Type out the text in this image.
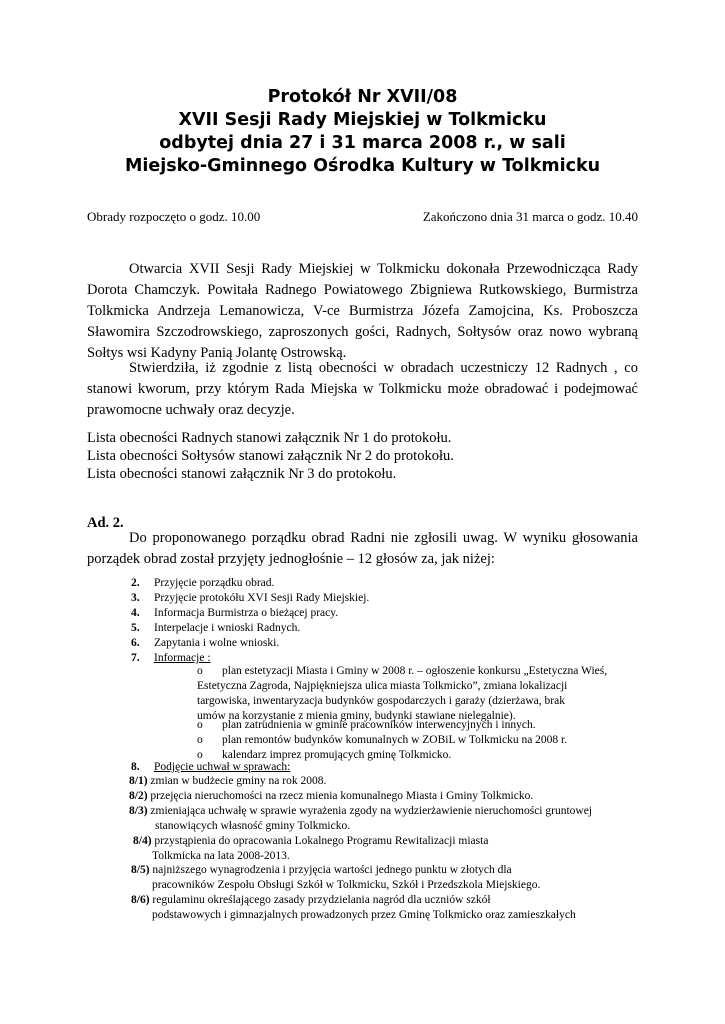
Protokół Nr XVII/08
XVII Sesji Rady Miejskiej w Tolkmicku
odbytej dnia 27 i 31 marca 2008 r., w sali
Miejsko-Gminnego Ośrodka Kultury w Tolkmicku
Obrady rozpoczęto o godz. 10.00	Zakończono dnia 31 marca o godz. 10.40
Otwarcia XVII Sesji Rady Miejskiej w Tolkmicku dokonała Przewodnicząca Rady
Dorota Chamczyk. Powitała Radnego Powiatowego Zbigniewa Rutkowskiego, Burmistrza
Tolkmicka Andrzeja Lemanowicza, V-ce Burmistrza Józefa Zamojcina, Ks. Proboszcza
Sławomira Szczodrowskiego, zaproszonych gości, Radnych, Sołtysów oraz nowo wybraną
Sołtys wsi Kadyny Panią Jolantę Ostrowską.
Stwierdziła, iż zgodnie z listą obecności w obradach uczestniczy 12 Radnych , co
stanowi kworum, przy którym Rada Miejska w Tolkmicku może obradować i podejmować
prawomocne uchwały oraz decyzje.
Lista obecności Radnych stanowi załącznik Nr 1 do protokołu.
Lista obecności Sołtysów stanowi załącznik Nr 2 do protokołu.
Lista obecności stanowi załącznik Nr 3 do protokołu.
Ad. 2.
Do proponowanego porządku obrad Radni nie zgłosili uwag. W wyniku głosowania
porządek obrad został przyjęty jednogłośnie – 12 głosów za, jak niżej:
2. Przyjęcie porządku obrad.
3. Przyjęcie protokółu XVI Sesji Rady Miejskiej.
4. Informacja Burmistrza o bieżącej pracy.
5. Interpelacje i wnioski Radnych.
6. Zapytania i wolne wnioski.
7. Informacje :
o plan estetyzacji Miasta i Gminy w 2008 r. – ogłoszenie konkursu „Estetyczna Wieś,
Estetyczna Zagroda, Najpiękniejsza ulica miasta Tolkmicko”, zmiana lokalizacji
targowiska, inwentaryzacja budynków gospodarczych i garaży (dzierżawa, brak
umów na korzystanie z mienia gminy, budynki stawiane nielegalnie).
o plan zatrudnienia w gminie pracowników interwencyjnych i innych.
o plan remontów budynków komunalnych w ZOBiL w Tolkmicku na 2008 r.
o kalendarz imprez promujących gminę Tolkmicko.
8. Podjęcie uchwał w sprawach:
8/1) zmian w budżecie gminy na rok 2008.
8/2) przejęcia nieruchomości na rzecz mienia komunalnego Miasta i Gminy Tolkmicko.
8/3) zmieniająca uchwałę w sprawie wyrażenia zgody na wydzierżawienie nieruchomości gruntowej
stanowiących własność gminy Tolkmicko.
8/4) przystąpienia do opracowania Lokalnego Programu Rewitalizacji miasta
Tolkmicka na lata 2008-2013.
8/5) najniższego wynagrodzenia i przyjęcia wartości jednego punktu w złotych dla
pracowników Zespołu Obsługi Szkół w Tolkmicku, Szkół i Przedszkola Miejskiego.
8/6) regulaminu określającego zasady przydzielania nagród dla uczniów szkół
podstawowych i gimnazjalnych prowadzonych przez Gminę Tolkmicko oraz zamieszkałych
